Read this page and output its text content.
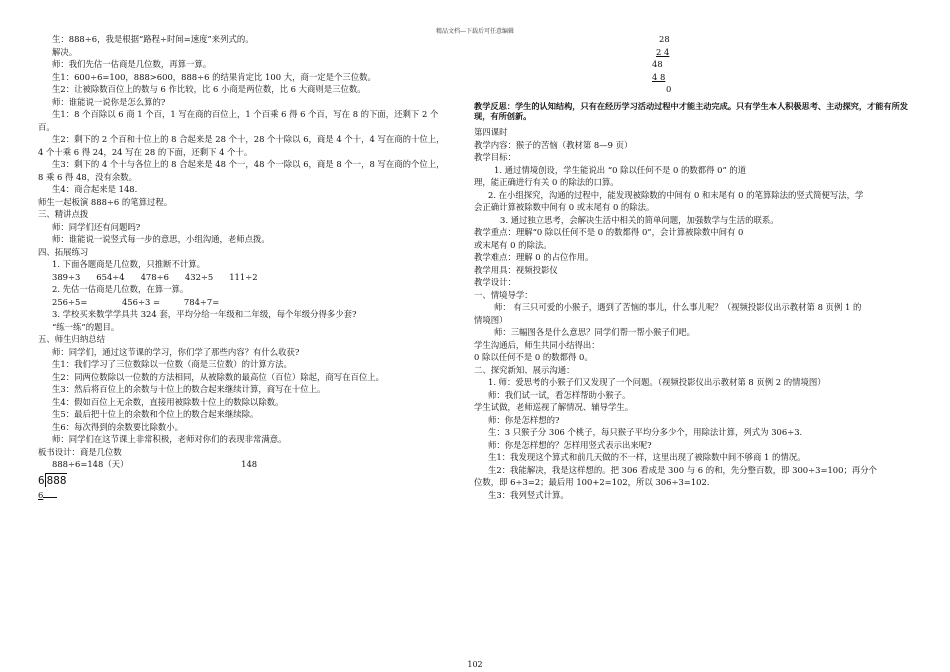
精品文档---下载后可任意编辑

生：888÷6，我是根据“路程÷时间=速度”来列式的。

解决。

师：我们先估一估商是几位数，再算一算。

生1：600÷6=100，888>600，888÷6 的结果肯定比 100 大，商一定是个三位数。

生2：让被除数百位上的数与 6 作比较，比 6 小商是两位数，比 6 大商则是三位数。

师：谁能说一说你是怎么算的?

生1：8 个百除以 6 商 1 个百，1 写在商的百位上，1 个百乘 6 得 6 个百，写在 8 的下面，还剩下 2 个

百。

生2：剩下的 2 个百和十位上的 8 合起来是 28 个十，28 个十除以 6，商是 4 个十，4 写在商的十位上，

4 个十乘 6 得 24，24 写在 28 的下面，还剩下 4 个十。

生3：剩下的 4 个十与各位上的 8 合起来是 48 个一，48 个一除以 6，商是 8 个一，8 写在商的个位上，

8 乘 6 得 48，没有余数。

生4：商合起来是 148.

师生一起板演 888÷6 的笔算过程。

三、精讲点拨

师：同学们还有问题吗?

师：谁能说一说竖式每一步的意思，小组沟通，老师点拨。

四、拓展练习

1. 下面各题商是几位数，只推断不计算。

389÷3      654÷4      478÷6      432÷5      111÷2

2. 先估一估商是几位数，在算一算。

256÷5=             456÷3 =         784÷7=

3. 学校买来数学学具共 324 套，平均分给一年级和二年级，每个年级分得多少套?

“练一练”的题目。

五、师生归纳总结

师：同学们，通过这节课的学习，你们学了那些内容？有什么收获?

生1：我们学习了三位数除以一位数（商是三位数）的计算方法。

生2：同两位数除以一位数的方法相同，从被除数的最高位（百位）除起，商写在百位上。

生3：然后将百位上的余数与十位上的数合起来继续计算，商写在十位上。

生4：假如百位上无余数，直接用被除数十位上的数除以除数。

生5：最后把十位上的余数和个位上的数合起来继续除。

生6：每次得到的余数要比除数小。

师：同学们在这节课上非常积极，老师对你们的表现非常满意。

板书设计：商是几位数

888÷6=148（天）	148

6 888

6

28

2 4

48

4 8

0

教学反思：学生的认知结构，只有在经历学习活动过程中才能主动完成。只有学生本人积极思考、主动探究，才能有所发现，有所创新。

第四课时

教学内容：猴子的苦恼（教材第 8—9 页）

教学目标：

1. 通过情境创设，学生能说出 “0 除以任何不是 0 的数都得 0” 的道

理，能正确进行有关 0 的除法的口算。

2. 在小组探究，沟通的过程中，能发现被除数的中间有 0 和末尾有 0 的笔算除法的竖式简便写法，学

会正确计算被除数中间有 0 或末尾有 0 的除法。

3. 通过独立思考，会解决生活中相关的简单问题，加强数学与生活的联系。

教学重点：理解“0 除以任何不是 0 的数都得 0”，会计算被除数中间有 0

或末尾有 0 的除法。

教学难点：理解 0 的占位作用。

教学用具：视频投影仪

教学设计：

一、情境导学：

师： 有三只可爱的小猴子，遇到了苦恼的事儿，什么事儿呢？（视频投影仪出示教材第 8 页例 1 的

情境图）

师：三幅图各是什么意思？同学们帮一帮小猴子们吧。

学生沟通后，师生共同小结得出：

0 除以任何不是 0 的数都得 0。

二、探究新知、展示沟通：

1. 师：爱思考的小猴子们又发现了一个问题。（视频投影仪出示教材第 8 页例 2 的情境图）

师：我们试一试，看怎样帮助小猴子。

学生试做，老师巡视了解情况、辅导学生。

师：你是怎样想的?

生：3 只猴子分 306 个桃子，每只猴子平均分多少个，用除法计算，列式为 306÷3.

师：你是怎样想的？怎样用竖式表示出来呢?

生1：我发现这个算式和前几天做的不一样，这里出现了被除数中间不够商 1 的情况。

生2：我能解决，我是这样想的。把 306 看成是 300 与 6 的和，先分整百数，即 300÷3=100；再分个

位数，即 6÷3=2；最后用 100+2=102，所以 306÷3=102.

生3：我列竖式计算。

102
